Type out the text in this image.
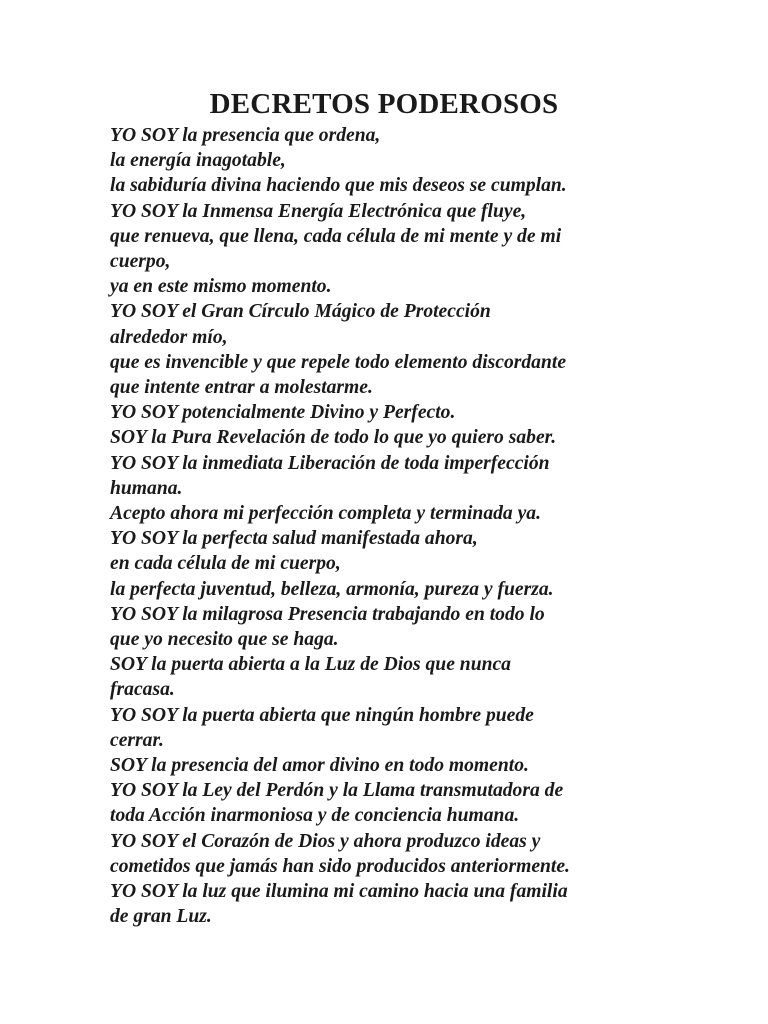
DECRETOS PODEROSOS
YO SOY la presencia que ordena,
la energía inagotable,
la sabiduría divina haciendo que mis deseos se cumplan.
YO SOY la Inmensa Energía Electrónica que fluye,
que renueva, que llena, cada célula de mi mente y de mi
cuerpo,
ya en este mismo momento.
YO SOY el Gran Círculo Mágico de Protección
alrededor mío,
que es invencible y que repele todo elemento discordante
que intente entrar a molestarme.
YO SOY potencialmente Divino y Perfecto.
SOY la Pura Revelación de todo lo que yo quiero saber.
YO SOY la inmediata Liberación de toda imperfección
humana.
Acepto ahora mi perfección completa y terminada ya.
YO SOY la perfecta salud manifestada ahora,
en cada célula de mi cuerpo,
la perfecta juventud, belleza, armonía, pureza y fuerza.
YO SOY la milagrosa Presencia trabajando en todo lo
que yo necesito que se haga.
SOY la puerta abierta a la Luz de Dios que nunca
fracasa.
YO SOY la puerta abierta que ningún hombre puede
cerrar.
SOY la presencia del amor divino en todo momento.
YO SOY la Ley del Perdón y la Llama transmutadora de
toda Acción inarmoniosa y de conciencia humana.
YO SOY el Corazón de Dios y ahora produzco ideas y
cometidos que jamás han sido producidos anteriormente.
YO SOY la luz que ilumina mi camino hacia una familia
de gran Luz.
